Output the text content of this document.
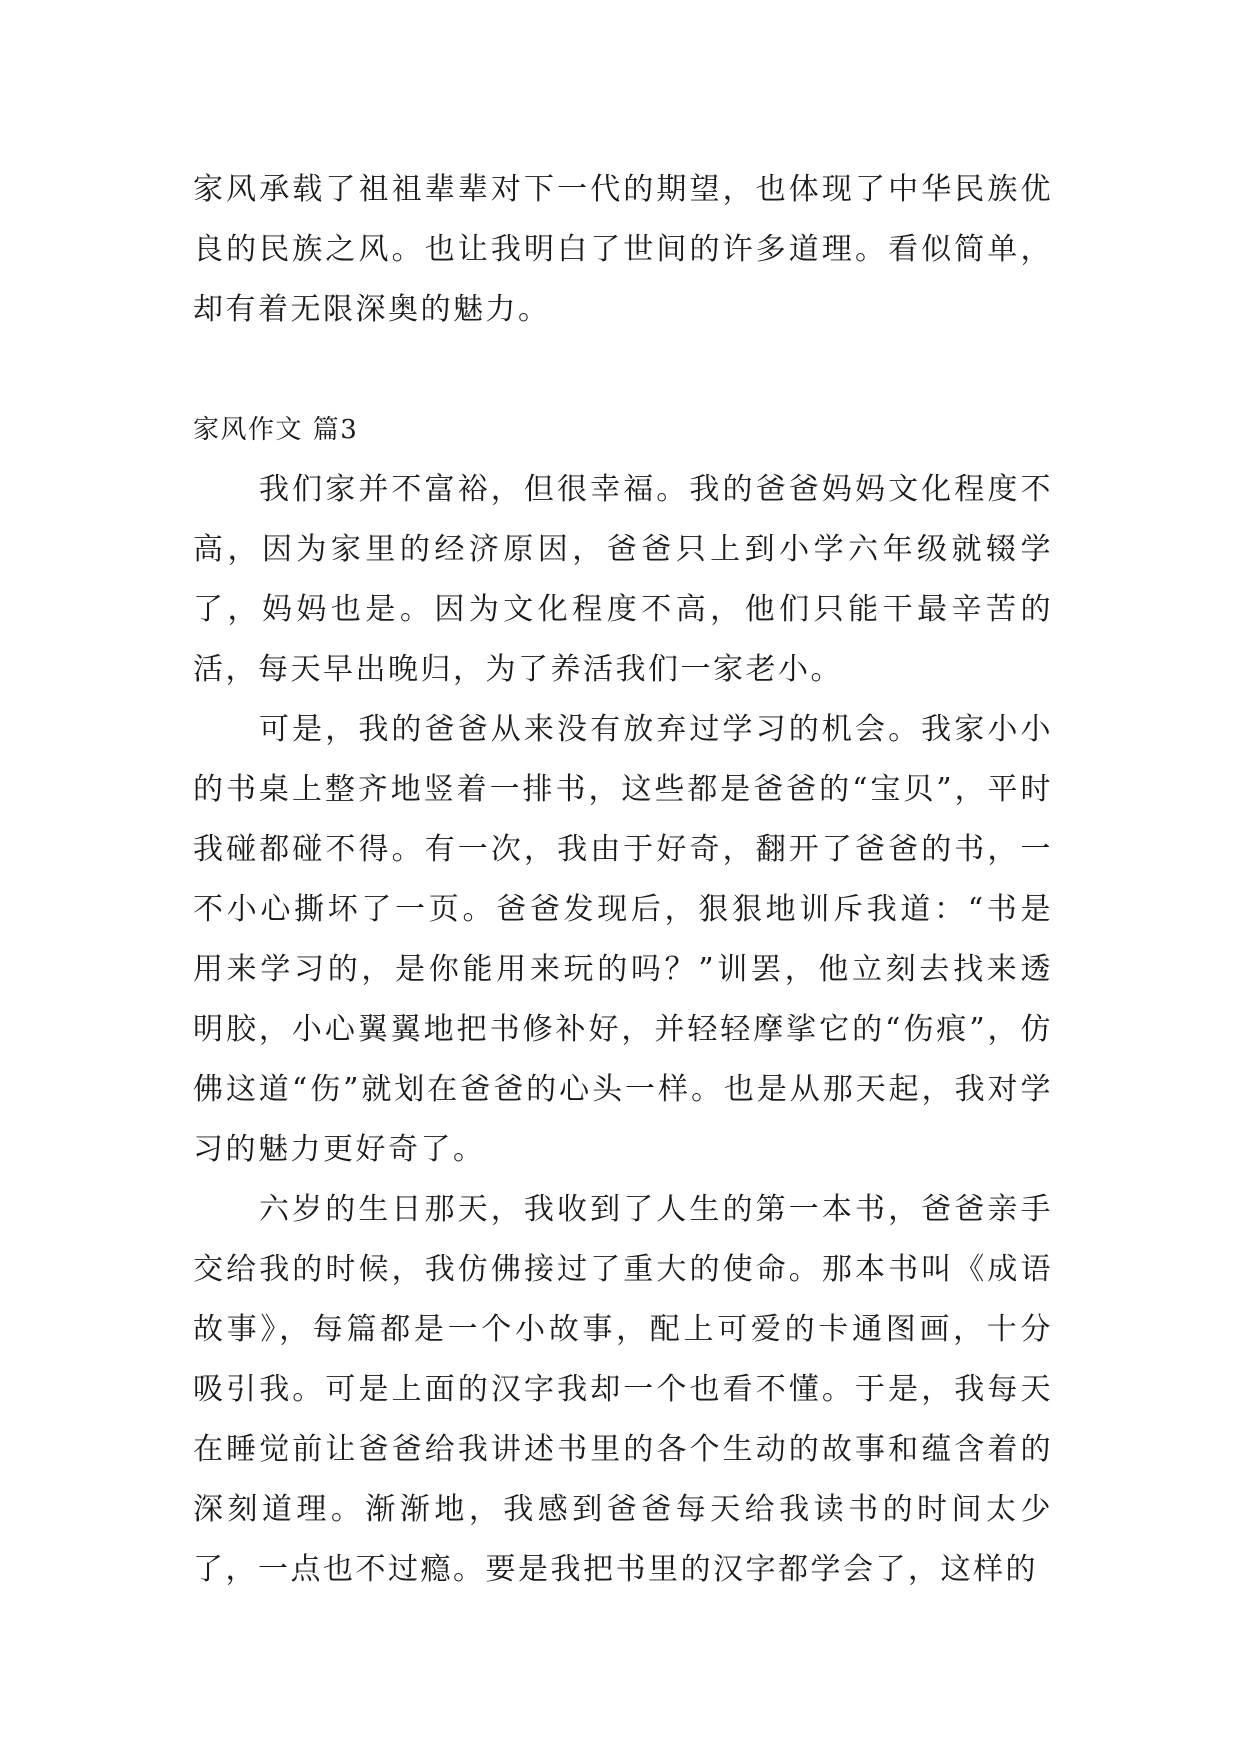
家风承载了祖祖辈辈对下一代的期望，也体现了中华民族优良的民族之风。也让我明白了世间的许多道理。看似简单，却有着无限深奥的魅力。

家风作文 篇3

我们家并不富裕，但很幸福。我的爸爸妈妈文化程度不高，因为家里的经济原因，爸爸只上到小学六年级就辍学了，妈妈也是。因为文化程度不高，他们只能干最辛苦的活，每天早出晚归，为了养活我们一家老小。

可是，我的爸爸从来没有放弃过学习的机会。我家小小的书桌上整齐地竖着一排书，这些都是爸爸的“宝贝”，平时我碰都碰不得。有一次，我由于好奇，翻开了爸爸的书，一不小心撕坏了一页。爸爸发现后，狠狠地训斥我道：“书是用来学习的，是你能用来玩的吗？”训罢，他立刻去找来透明胶，小心翼翼地把书修补好，并轻轻摩挲它的“伤痕”，仿佛这道“伤”就划在爸爸的心头一样。也是从那天起，我对学习的魅力更好奇了。

六岁的生日那天，我收到了人生的第一本书，爸爸亲手交给我的时候，我仿佛接过了重大的使命。那本书叫《成语故事》，每篇都是一个小故事，配上可爱的卡通图画，十分吸引我。可是上面的汉字我却一个也看不懂。于是，我每天在睡觉前让爸爸给我讲述书里的各个生动的故事和蕴含着的深刻道理。渐渐地，我感到爸爸每天给我读书的时间太少了，一点也不过瘾。要是我把书里的汉字都学会了，这样的
